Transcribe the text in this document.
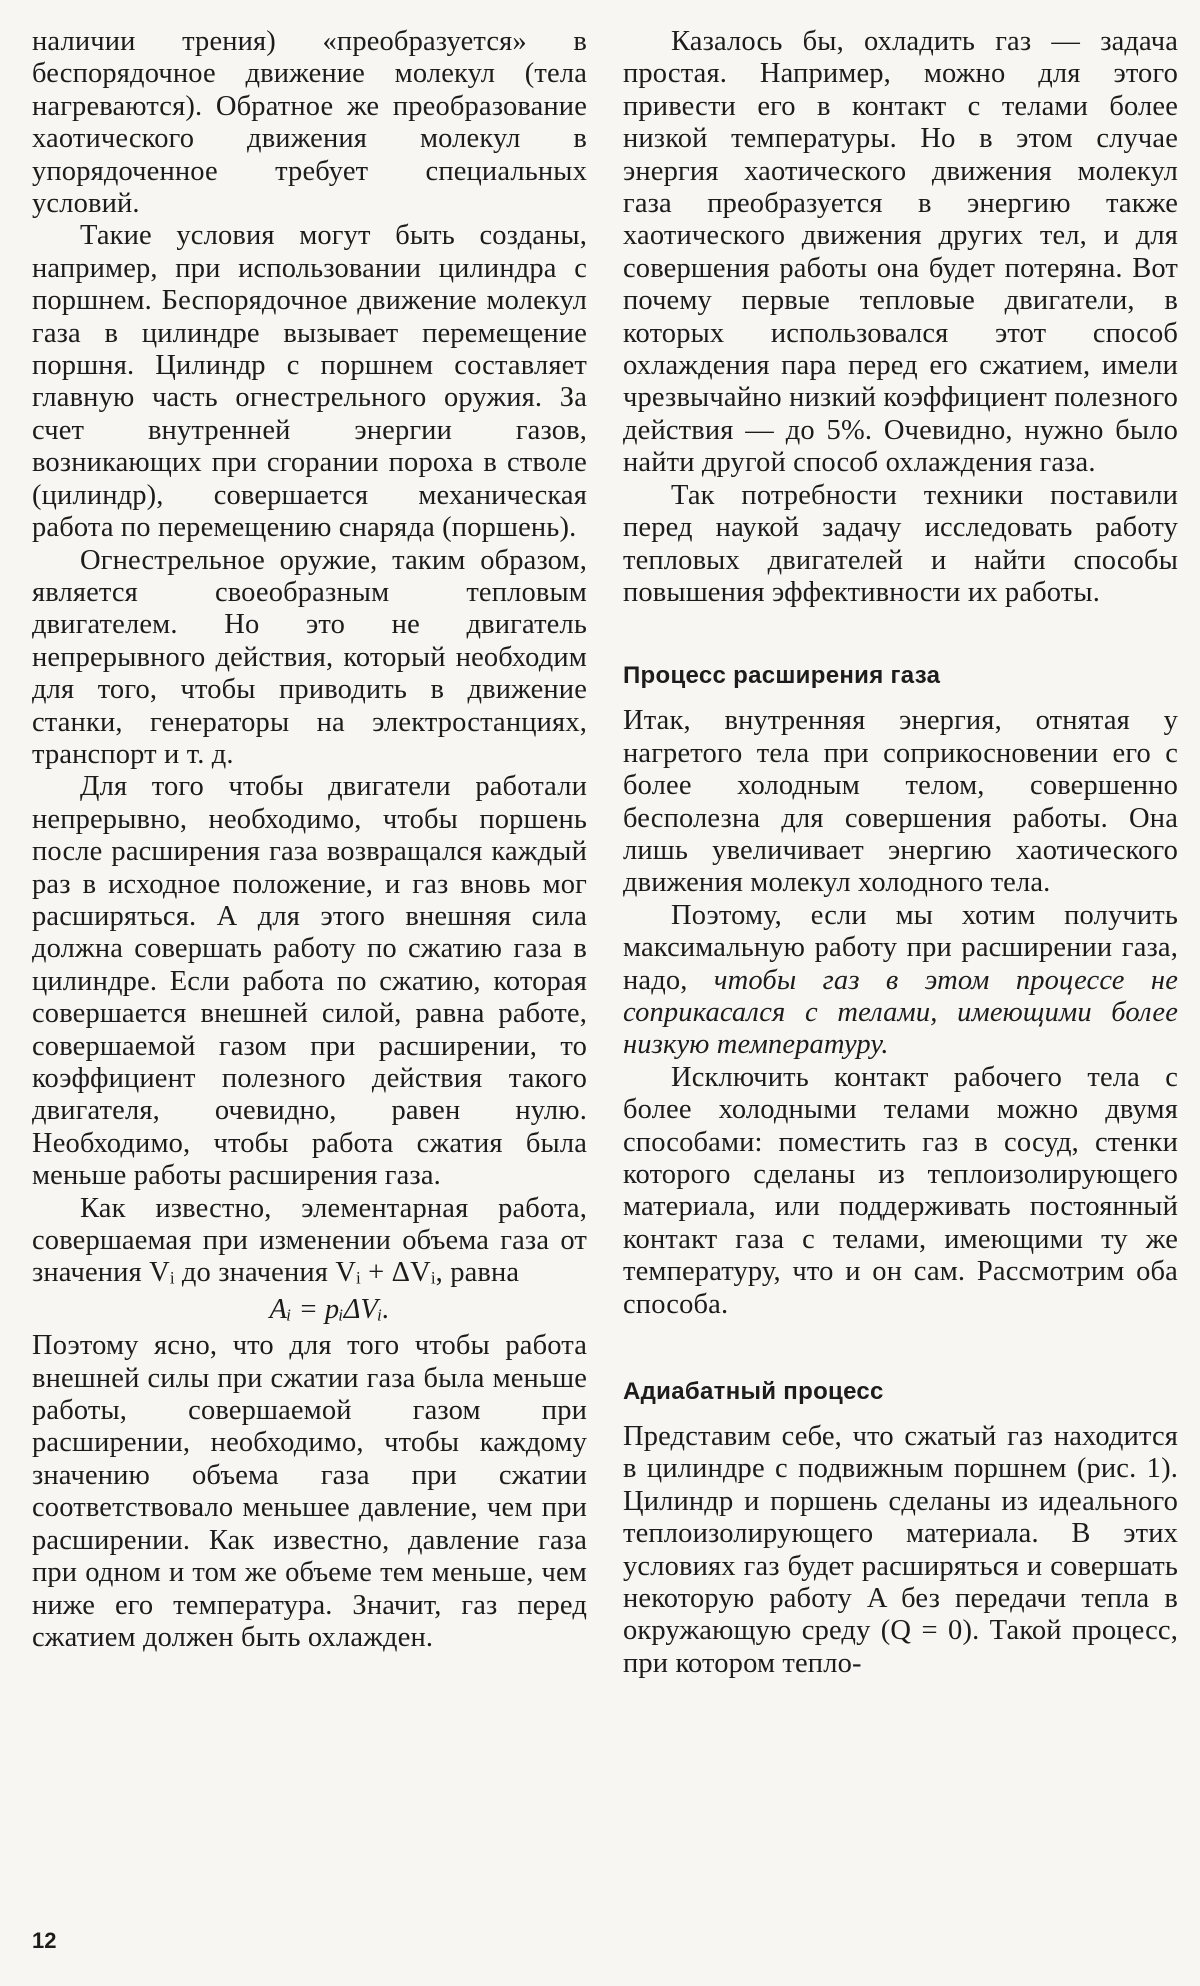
наличии трения) «преобразуется» в беспорядочное движение молекул (тела нагреваются). Обратное же преобразование хаотического движения молекул в упорядоченное требует специальных условий.

Такие условия могут быть созданы, например, при использовании цилиндра с поршнем. Беспорядочное движение молекул газа в цилиндре вызывает перемещение поршня. Цилиндр с поршнем составляет главную часть огнестрельного оружия. За счет внутренней энергии газов, возникающих при сгорании пороха в стволе (цилиндр), совершается механическая работа по перемещению снаряда (поршень).

Огнестрельное оружие, таким образом, является своеобразным тепловым двигателем. Но это не двигатель непрерывного действия, который необходим для того, чтобы приводить в движение станки, генераторы на электростанциях, транспорт и т. д.

Для того чтобы двигатели работали непрерывно, необходимо, чтобы поршень после расширения газа возвращался каждый раз в исходное положение, и газ вновь мог расширяться. А для этого внешняя сила должна совершать работу по сжатию газа в цилиндре. Если работа по сжатию, которая совершается внешней силой, равна работе, совершаемой газом при расширении, то коэффициент полезного действия такого двигателя, очевидно, равен нулю. Необходимо, чтобы работа сжатия была меньше работы расширения газа.

Как известно, элементарная работа, совершаемая при изменении объема газа от значения Vᵢ до значения Vᵢ + ΔVᵢ, равна

Aᵢ = pᵢΔVᵢ.

Поэтому ясно, что для того чтобы работа внешней силы при сжатии газа была меньше работы, совершаемой газом при расширении, необходимо, чтобы каждому значению объема газа при сжатии соответствовало меньшее давление, чем при расширении. Как известно, давление газа при одном и том же объеме тем меньше, чем ниже его температура. Значит, газ перед сжатием должен быть охлажден.

Казалось бы, охладить газ — задача простая. Например, можно для этого привести его в контакт с телами более низкой температуры. Но в этом случае энергия хаотического движения молекул газа преобразуется в энергию также хаотического движения других тел, и для совершения работы она будет потеряна. Вот почему первые тепловые двигатели, в которых использовался этот способ охлаждения пара перед его сжатием, имели чрезвычайно низкий коэффициент полезного действия — до 5%. Очевидно, нужно было найти другой способ охлаждения газа.

Так потребности техники поставили перед наукой задачу исследовать работу тепловых двигателей и найти способы повышения эффективности их работы.

Процесс расширения газа

Итак, внутренняя энергия, отнятая у нагретого тела при соприкосновении его с более холодным телом, совершенно бесполезна для совершения работы. Она лишь увеличивает энергию хаотического движения молекул холодного тела.

Поэтому, если мы хотим получить максимальную работу при расширении газа, надо, чтобы газ в этом процессе не соприкасался с телами, имеющими более низкую температуру.

Исключить контакт рабочего тела с более холодными телами можно двумя способами: поместить газ в сосуд, стенки которого сделаны из теплоизолирующего материала, или поддерживать постоянный контакт газа с телами, имеющими ту же температуру, что и он сам. Рассмотрим оба способа.

Адиабатный процесс

Представим себе, что сжатый газ находится в цилиндре с подвижным поршнем (рис. 1). Цилиндр и поршень сделаны из идеального теплоизолирующего материала. В этих условиях газ будет расширяться и совершать некоторую работу A без передачи тепла в окружающую среду (Q = 0). Такой процесс, при котором тепло-

12
